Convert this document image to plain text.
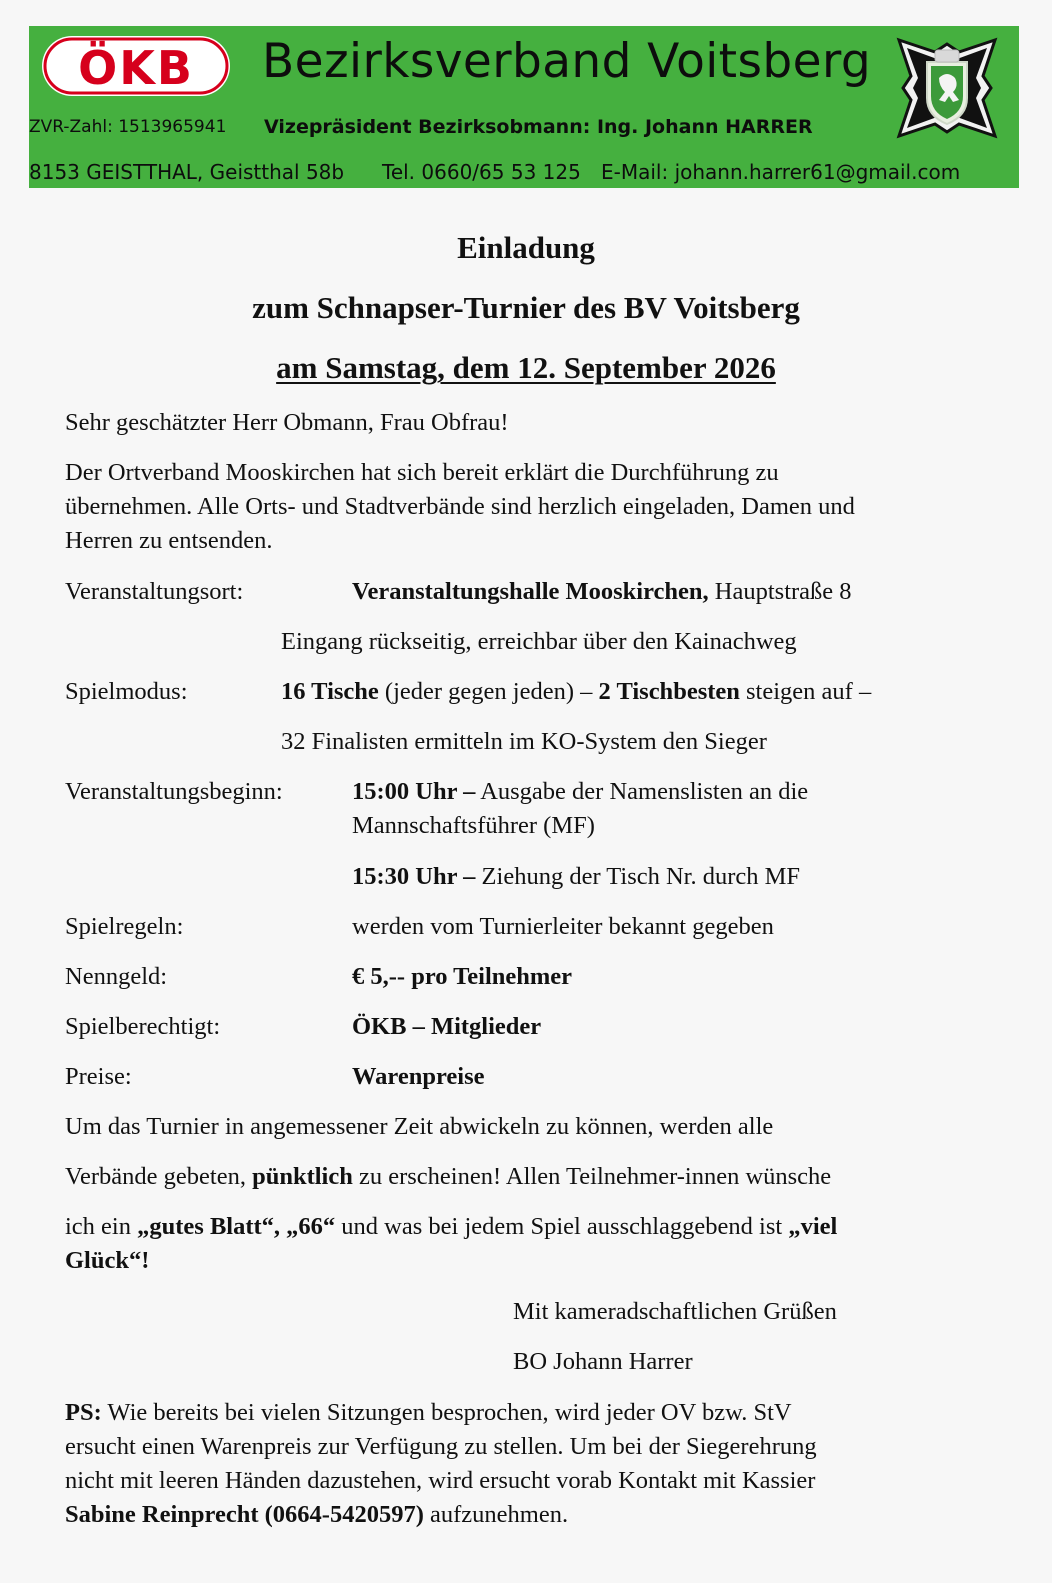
ÖKB Bezirksverband Voitsberg
ZVR-Zahl: 1513965941 Vizepräsident Bezirksobmann: Ing. Johann HARRER
8153 GEISTTHAL, Geistthal 58b Tel. 0660/65 53 125 E-Mail: johann.harrer61@gmail.com
Einladung
zum Schnapser-Turnier des BV Voitsberg
am Samstag, dem 12. September 2026
Sehr geschätzter Herr Obmann, Frau Obfrau!
Der Ortverband Mooskirchen hat sich bereit erklärt die Durchführung zu
übernehmen. Alle Orts- und Stadtverbände sind herzlich eingeladen, Damen und
Herren zu entsenden.
Veranstaltungsort:	Veranstaltungshalle Mooskirchen, Hauptstraße 8
Eingang rückseitig, erreichbar über den Kainachweg
Spielmodus:	16 Tische (jeder gegen jeden) – 2 Tischbesten steigen auf –
32 Finalisten ermitteln im KO-System den Sieger
Veranstaltungsbeginn:	15:00 Uhr – Ausgabe der Namenslisten an die
Mannschaftsführer (MF)
15:30 Uhr – Ziehung der Tisch Nr. durch MF
Spielregeln:	werden vom Turnierleiter bekannt gegeben
Nenngeld:	€ 5,-- pro Teilnehmer
Spielberechtigt:	ÖKB – Mitglieder
Preise:	Warenpreise
Um das Turnier in angemessener Zeit abwickeln zu können, werden alle
Verbände gebeten, pünktlich zu erscheinen! Allen Teilnehmer-innen wünsche
ich ein „gutes Blatt“, „66“ und was bei jedem Spiel ausschlaggebend ist „viel
Glück“!
Mit kameradschaftlichen Grüßen
BO Johann Harrer
PS: Wie bereits bei vielen Sitzungen besprochen, wird jeder OV bzw. StV
ersucht einen Warenpreis zur Verfügung zu stellen. Um bei der Siegerehrung
nicht mit leeren Händen dazustehen, wird ersucht vorab Kontakt mit Kassier
Sabine Reinprecht (0664-5420597) aufzunehmen.
